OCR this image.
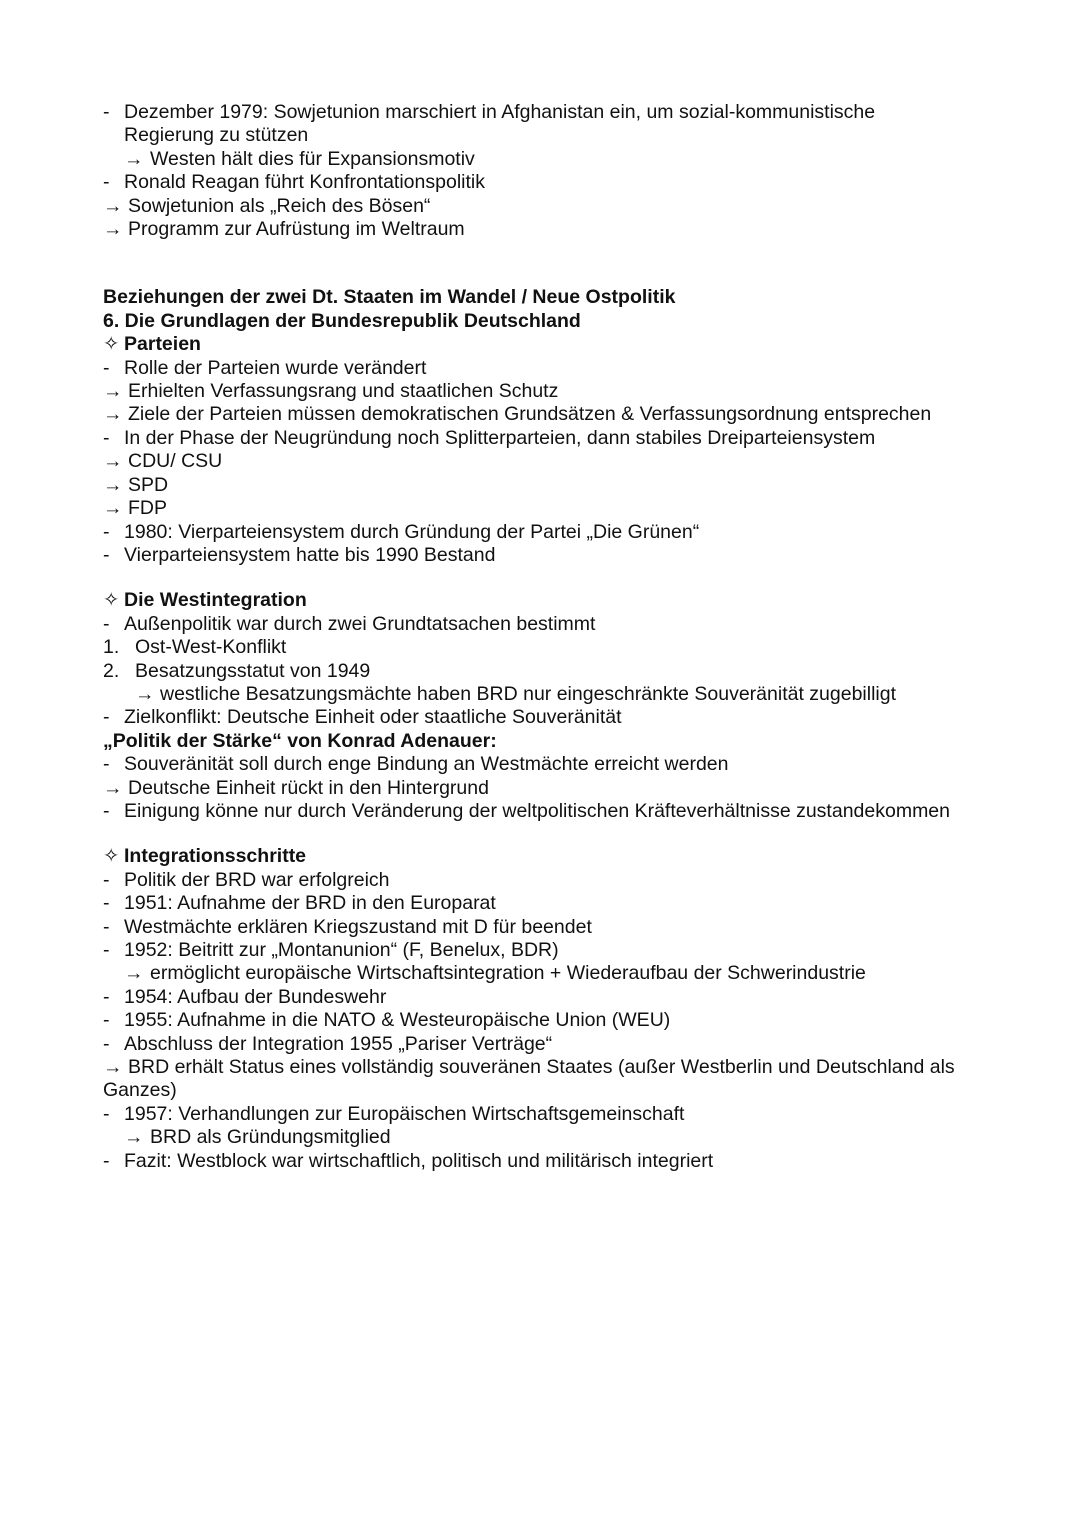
- Dezember 1979: Sowjetunion marschiert in Afghanistan ein, um sozial-kommunistische
Regierung zu stützen
→ Westen hält dies für Expansionsmotiv
- Ronald Reagan führt Konfrontationspolitik
→ Sowjetunion als „Reich des Bösen“
→ Programm zur Aufrüstung im Weltraum
Beziehungen der zwei Dt. Staaten im Wandel / Neue Ostpolitik
6. Die Grundlagen der Bundesrepublik Deutschland
✧ Parteien
- Rolle der Parteien wurde verändert
→ Erhielten Verfassungsrang und staatlichen Schutz
→ Ziele der Parteien müssen demokratischen Grundsätzen & Verfassungsordnung entsprechen
- In der Phase der Neugründung noch Splitterparteien, dann stabiles Dreiparteiensystem
→ CDU/ CSU
→ SPD
→ FDP
- 1980: Vierparteiensystem durch Gründung der Partei „Die Grünen“
- Vierparteiensystem hatte bis 1990 Bestand
✧ Die Westintegration
- Außenpolitik war durch zwei Grundtatsachen bestimmt
1. Ost-West-Konflikt
2. Besatzungsstatut von 1949
→ westliche Besatzungsmächte haben BRD nur eingeschränkte Souveränität zugebilligt
- Zielkonflikt: Deutsche Einheit oder staatliche Souveränität
„Politik der Stärke“ von Konrad Adenauer:
- Souveränität soll durch enge Bindung an Westmächte erreicht werden
→ Deutsche Einheit rückt in den Hintergrund
- Einigung könne nur durch Veränderung der weltpolitischen Kräfteverhältnisse zustandekommen
✧ Integrationsschritte
- Politik der BRD war erfolgreich
- 1951: Aufnahme der BRD in den Europarat
- Westmächte erklären Kriegszustand mit D für beendet
- 1952: Beitritt zur „Montanunion“ (F, Benelux, BDR)
→ ermöglicht europäische Wirtschaftsintegration + Wiederaufbau der Schwerindustrie
- 1954: Aufbau der Bundeswehr
- 1955: Aufnahme in die NATO & Westeuropäische Union (WEU)
- Abschluss der Integration 1955 „Pariser Verträge“
→ BRD erhält Status eines vollständig souveränen Staates (außer Westberlin und Deutschland als Ganzes)
- 1957: Verhandlungen zur Europäischen Wirtschaftsgemeinschaft
→ BRD als Gründungsmitglied
- Fazit: Westblock war wirtschaftlich, politisch und militärisch integriert
